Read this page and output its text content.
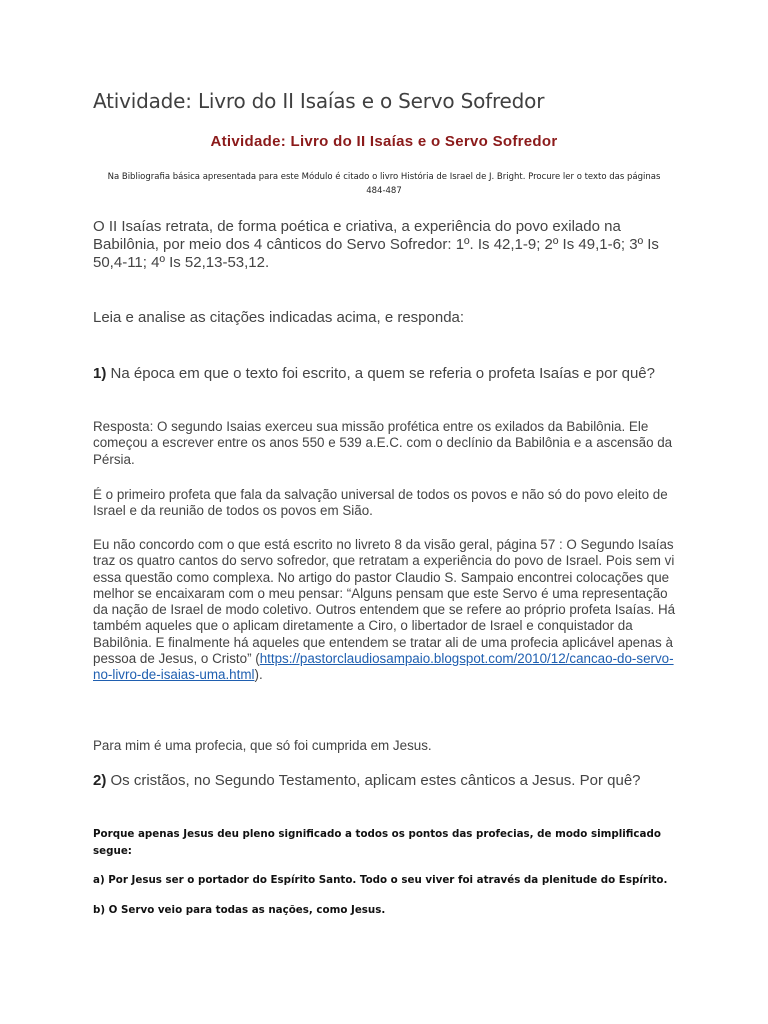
Atividade: Livro do II Isaías e o Servo Sofredor
Atividade: Livro do II Isaías e o Servo Sofredor
Na Bibliografia básica apresentada para este Módulo é citado o livro História de Israel de J. Bright. Procure ler o texto das páginas 484-487

O II Isaías retrata, de forma poética e criativa, a experiência do povo exilado na Babilônia, por meio dos 4 cânticos do Servo Sofredor: 1º. Is 42,1-9; 2º Is 49,1-6; 3º Is 50,4-11; 4º Is 52,13-53,12.

Leia e analise as citações indicadas acima, e responda:

1) Na época em que o texto foi escrito, a quem se referia o profeta Isaías e por quê?

Resposta: O segundo Isaias exerceu sua missão profética entre os exilados da Babilônia. Ele começou a escrever entre os anos 550 e 539 a.E.C. com o declínio da Babilônia e a ascensão da Pérsia.

É o primeiro profeta que fala da salvação universal de todos os povos e não só do povo eleito de Israel e da reunião de todos os povos em Sião.

Eu não concordo com o que está escrito no livreto 8 da visão geral, página 57 : O Segundo Isaías traz os quatro cantos do servo sofredor, que retratam a experiência do povo de Israel. Pois sem vi essa questão como complexa. No artigo do pastor Claudio S. Sampaio encontrei colocações que melhor se encaixaram com o meu pensar: “Alguns pensam que este Servo é uma representação da nação de Israel de modo coletivo. Outros entendem que se refere ao próprio profeta Isaías. Há também aqueles que o aplicam diretamente a Ciro, o libertador de Israel e conquistador da Babilônia. E finalmente há aqueles que entendem se tratar ali de uma profecia aplicável apenas à pessoa de Jesus, o Cristo” (https://pastorclaudiosampaio.blogspot.com/2010/12/cancao-do-servo-no-livro-de-isaias-uma.html).

Para mim é uma profecia, que só foi cumprida em Jesus.

2) Os cristãos, no Segundo Testamento, aplicam estes cânticos a Jesus. Por quê?

Porque apenas Jesus deu pleno significado a todos os pontos das profecias, de modo simplificado segue:

a) Por Jesus ser o portador do Espírito Santo. Todo o seu viver foi através da plenitude do Espírito.

b) O Servo veio para todas as nações, como Jesus.
